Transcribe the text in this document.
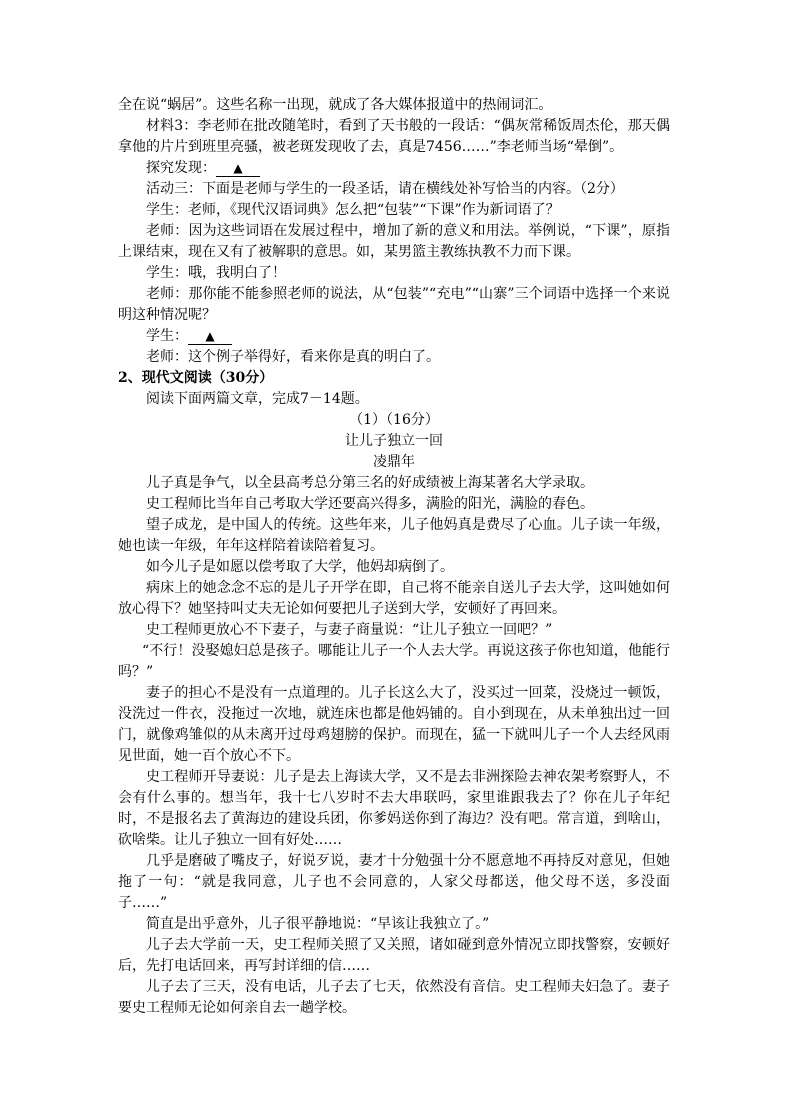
全在说“蜗居”。这些名称一出现，就成了各大媒体报道中的热闹词汇。

材料3：李老师在批改随笔时，看到了天书般的一段话：“偶灰常稀饭周杰伦，那天偶拿他的片片到班里亮骚，被老斑发现收了去，真是7456……”李老师当场“晕倒”。

探究发现： ▲

活动三：下面是老师与学生的一段圣话，请在横线处补写恰当的内容。（2分）

学生：老师，《现代汉语词典》怎么把“包装”“下课”作为新词语了？

老师：因为这些词语在发展过程中，增加了新的意义和用法。举例说，“下课”，原指上课结束，现在又有了被解职的意思。如，某男篮主教练执教不力而下课。

学生：哦，我明白了！

老师：那你能不能参照老师的说法，从“包装”“充电”“山寨”三个词语中选择一个来说明这种情况呢？

学生： ▲

老师：这个例子举得好，看来你是真的明白了。

2、现代文阅读（30分）

阅读下面两篇文章，完成7－14题。

（1）（16分）

让儿子独立一回

凌鼎年

儿子真是争气，以全县高考总分第三名的好成绩被上海某著名大学录取。

史工程师比当年自己考取大学还要高兴得多，满脸的阳光，满脸的春色。

望子成龙，是中国人的传统。这些年来，儿子他妈真是费尽了心血。儿子读一年级，她也读一年级，年年这样陪着读陪着复习。

如今儿子是如愿以偿考取了大学，他妈却病倒了。

病床上的她念念不忘的是儿子开学在即，自己将不能亲自送儿子去大学，这叫她如何放心得下？她坚持叫丈夫无论如何要把儿子送到大学，安顿好了再回来。

史工程师更放心不下妻子，与妻子商量说：“让儿子独立一回吧？”

“不行！没娶媳妇总是孩子。哪能让儿子一个人去大学。再说这孩子你也知道，他能行吗？”

妻子的担心不是没有一点道理的。儿子长这么大了，没买过一回菜，没烧过一顿饭，没洗过一件衣，没拖过一次地，就连床也都是他妈铺的。自小到现在，从未单独出过一回门，就像鸡雏似的从未离开过母鸡翅膀的保护。而现在，猛一下就叫儿子一个人去经风雨见世面，她一百个放心不下。

史工程师开导妻说：儿子是去上海读大学，又不是去非洲探险去神农架考察野人，不会有什么事的。想当年，我十七八岁时不去大串联吗，家里谁跟我去了？你在儿子年纪时，不是报名去了黄海边的建设兵团，你爹妈送你到了海边？没有吧。常言道，到啥山，砍啥柴。让儿子独立一回有好处……

几乎是磨破了嘴皮子，好说歹说，妻才十分勉强十分不愿意地不再持反对意见，但她拖了一句：“就是我同意，儿子也不会同意的，人家父母都送，他父母不送，多没面子……”

简直是出乎意外，儿子很平静地说：“早该让我独立了。”

儿子去大学前一天，史工程师关照了又关照，诸如碰到意外情况立即找警察，安顿好后，先打电话回来，再写封详细的信……

儿子去了三天，没有电话，儿子去了七天，依然没有音信。史工程师夫妇急了。妻子要史工程师无论如何亲自去一趟学校。
